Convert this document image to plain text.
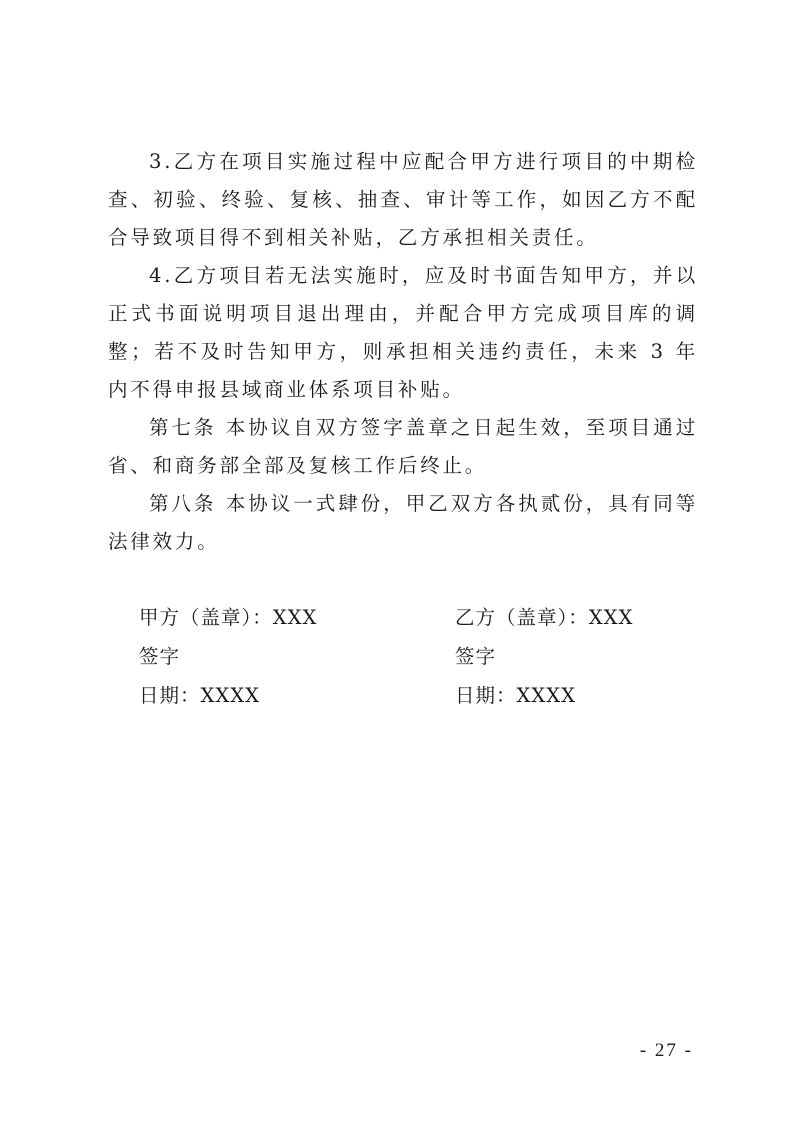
3.乙方在项目实施过程中应配合甲方进行项目的中期检查、初验、终验、复核、抽查、审计等工作，如因乙方不配合导致项目得不到相关补贴，乙方承担相关责任。

4.乙方项目若无法实施时，应及时书面告知甲方，并以正式书面说明项目退出理由，并配合甲方完成项目库的调整；若不及时告知甲方，则承担相关违约责任，未来 3 年内不得申报县域商业体系项目补贴。

第七条 本协议自双方签字盖章之日起生效，至项目通过省、和商务部全部及复核工作后终止。

第八条 本协议一式肆份，甲乙双方各执贰份，具有同等法律效力。

甲方（盖章）：XXX
签字
日期：XXXX
乙方（盖章）：XXX
签字
日期：XXXX
- 27 -
